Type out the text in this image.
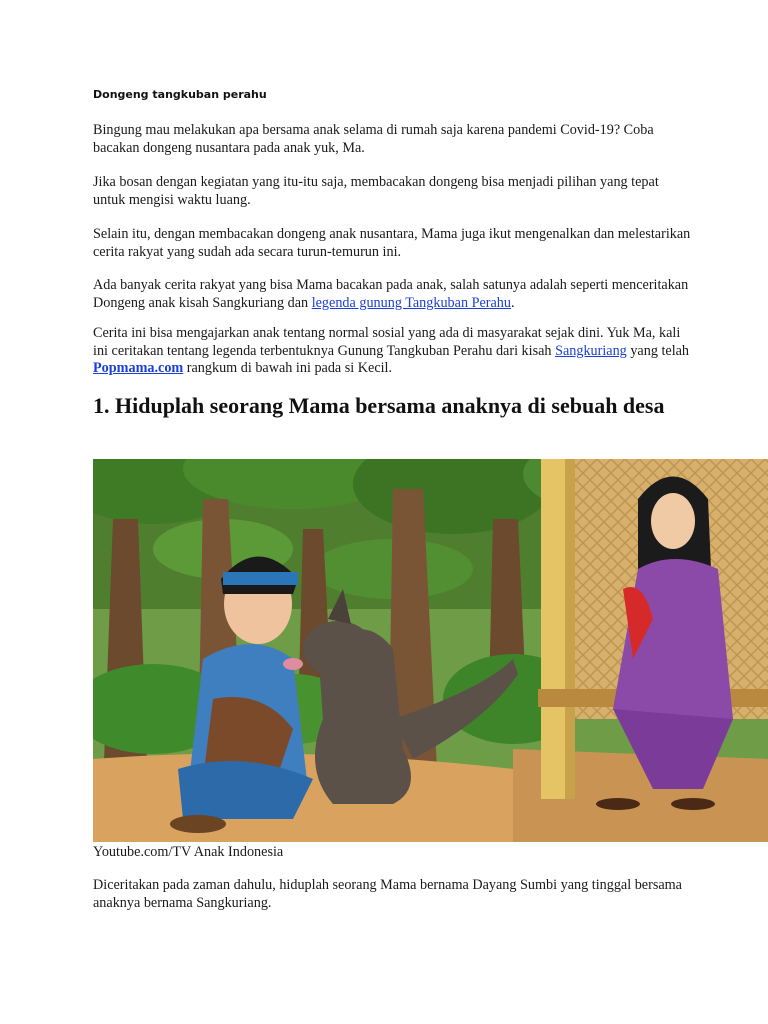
Dongeng tangkuban perahu

Bingung mau melakukan apa bersama anak selama di rumah saja karena pandemi Covid-19? Coba bacakan dongeng nusantara pada anak yuk, Ma.

Jika bosan dengan kegiatan yang itu-itu saja, membacakan dongeng bisa menjadi pilihan yang tepat untuk mengisi waktu luang.

Selain itu, dengan membacakan dongeng anak nusantara, Mama juga ikut mengenalkan dan melestarikan cerita rakyat yang sudah ada secara turun-temurun ini.

Ada banyak cerita rakyat yang bisa Mama bacakan pada anak, salah satunya adalah seperti menceritakan Dongeng anak kisah Sangkuriang dan legenda gunung Tangkuban Perahu.

Cerita ini bisa mengajarkan anak tentang normal sosial yang ada di masyarakat sejak dini. Yuk Ma, kali ini ceritakan tentang legenda terbentuknya Gunung Tangkuban Perahu dari kisah Sangkuriang yang telah Popmama.com rangkum di bawah ini pada si Kecil.

1. Hiduplah seorang Mama bersama anaknya di sebuah desa
Youtube.com/TV Anak Indonesia

Diceritakan pada zaman dahulu, hiduplah seorang Mama bernama Dayang Sumbi yang tinggal bersama anaknya bernama Sangkuriang.
